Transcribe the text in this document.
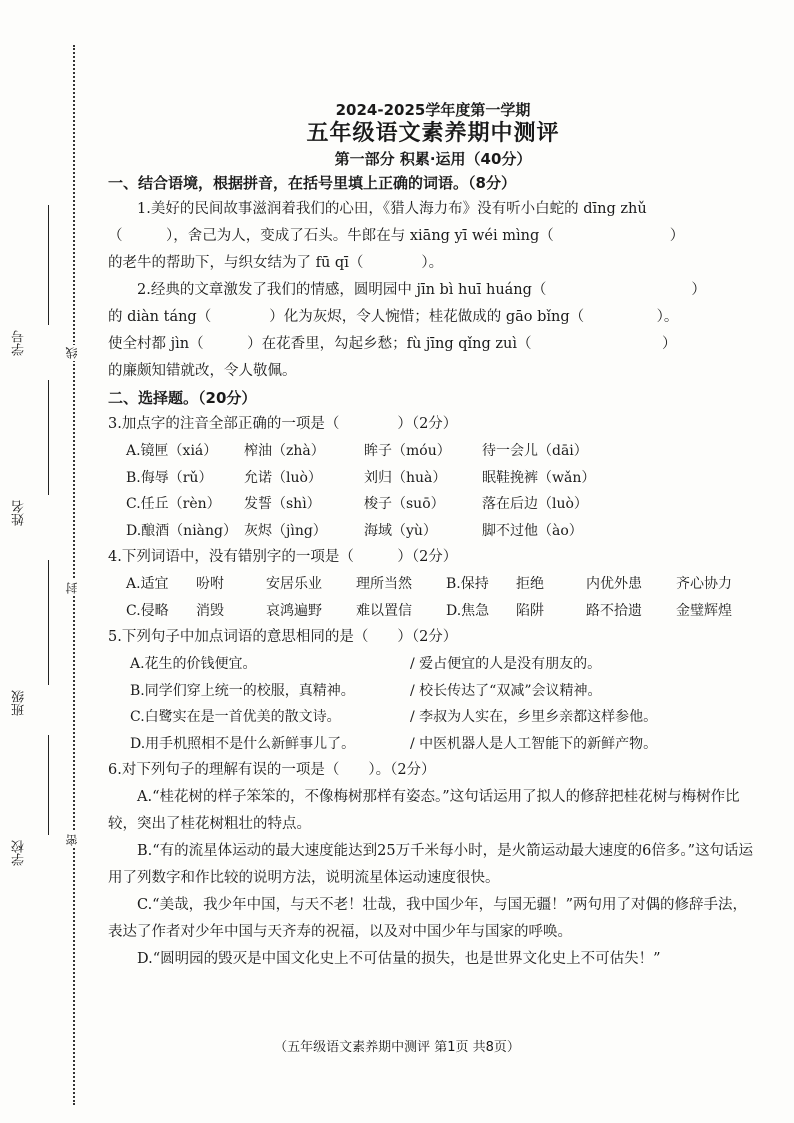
学号
姓名
班级
学校
线
封
密
2024-2025学年度第一学期
五年级语文素养期中测评
第一部分 积累·运用（40分）
一、结合语境，根据拼音，在括号里填上正确的词语。（8分）

1.美好的民间故事滋润着我们的心田，《猎人海力布》没有听小白蛇的 dīng zhǔ

（　　　），舍己为人，变成了石头。牛郎在与 xiāng yī wéi mìng（　　　　　　　　）

的老牛的帮助下，与织女结为了 fū qī（　　　　）。

2.经典的文章激发了我们的情感，圆明园中 jīn bì huī huáng（　　　　　　　　　　）

的 diàn táng（　　　　）化为灰烬，令人惋惜；桂花做成的 gāo bǐng（　　　　　）。

使全村都 jìn（　　　）在花香里，勾起乡愁；fù jīng qǐng zuì（　　　　　　　　　）

的廉颇知错就改，令人敬佩。

二、选择题。（20分）

3.加点字的注音全部正确的一项是（　　　　）（2分）

A.镜匣（xiá）	榨油（zhà）	眸子（móu）	待一会儿（dāi）
B.侮辱（rǔ）	允诺（luò）	刘归（huà）	眠鞋挽裤（wǎn）
C.任丘（rèn）	发誓（shì）	梭子（suō）	落在后边（luò）
D.酿酒（niàng） 灰烬（jìng）	海域（yù）	脚不过他（ào）

4.下列词语中，没有错别字的一项是（　　　）（2分）

A.适宜	吩咐	安居乐业	理所当然	B.保持	拒绝	内优外患	齐心协力
C.侵略	消毁	哀鸿遍野	难以置信	D.焦急	陷阱	路不拾遗	金璧辉煌

5.下列句子中加点词语的意思相同的是（　　）（2分）

A.花生的价钱便宜。	/ 爱占便宜的人是没有朋友的。
B.同学们穿上统一的校服，真精神。	/ 校长传达了“双减”会议精神。
C.白鹭实在是一首优美的散文诗。	/ 李叔为人实在，乡里乡亲都这样参他。
D.用手机照相不是什么新鲜事儿了。	/ 中医机器人是人工智能下的新鲜产物。

6.对下列句子的理解有误的一项是（　　）。（2分）

A.“桂花树的样子笨笨的，不像梅树那样有姿态。”这句话运用了拟人的修辞把桂花树与梅树作比较，突出了桂花树粗壮的特点。

B.“有的流星体运动的最大速度能达到25万千米每小时，是火箭运动最大速度的6倍多。”这句话运用了列数字和作比较的说明方法，说明流星体运动速度很快。

C.“美哉，我少年中国，与天不老！壮哉，我中国少年，与国无疆！”两句用了对偶的修辞手法，表达了作者对少年中国与天齐寿的祝福，以及对中国少年与国家的呼唤。

D.“圆明园的毁灭是中国文化史上不可估量的损失，也是世界文化史上不可估失！”

（五年级语文素养期中测评 第1页 共8页）
